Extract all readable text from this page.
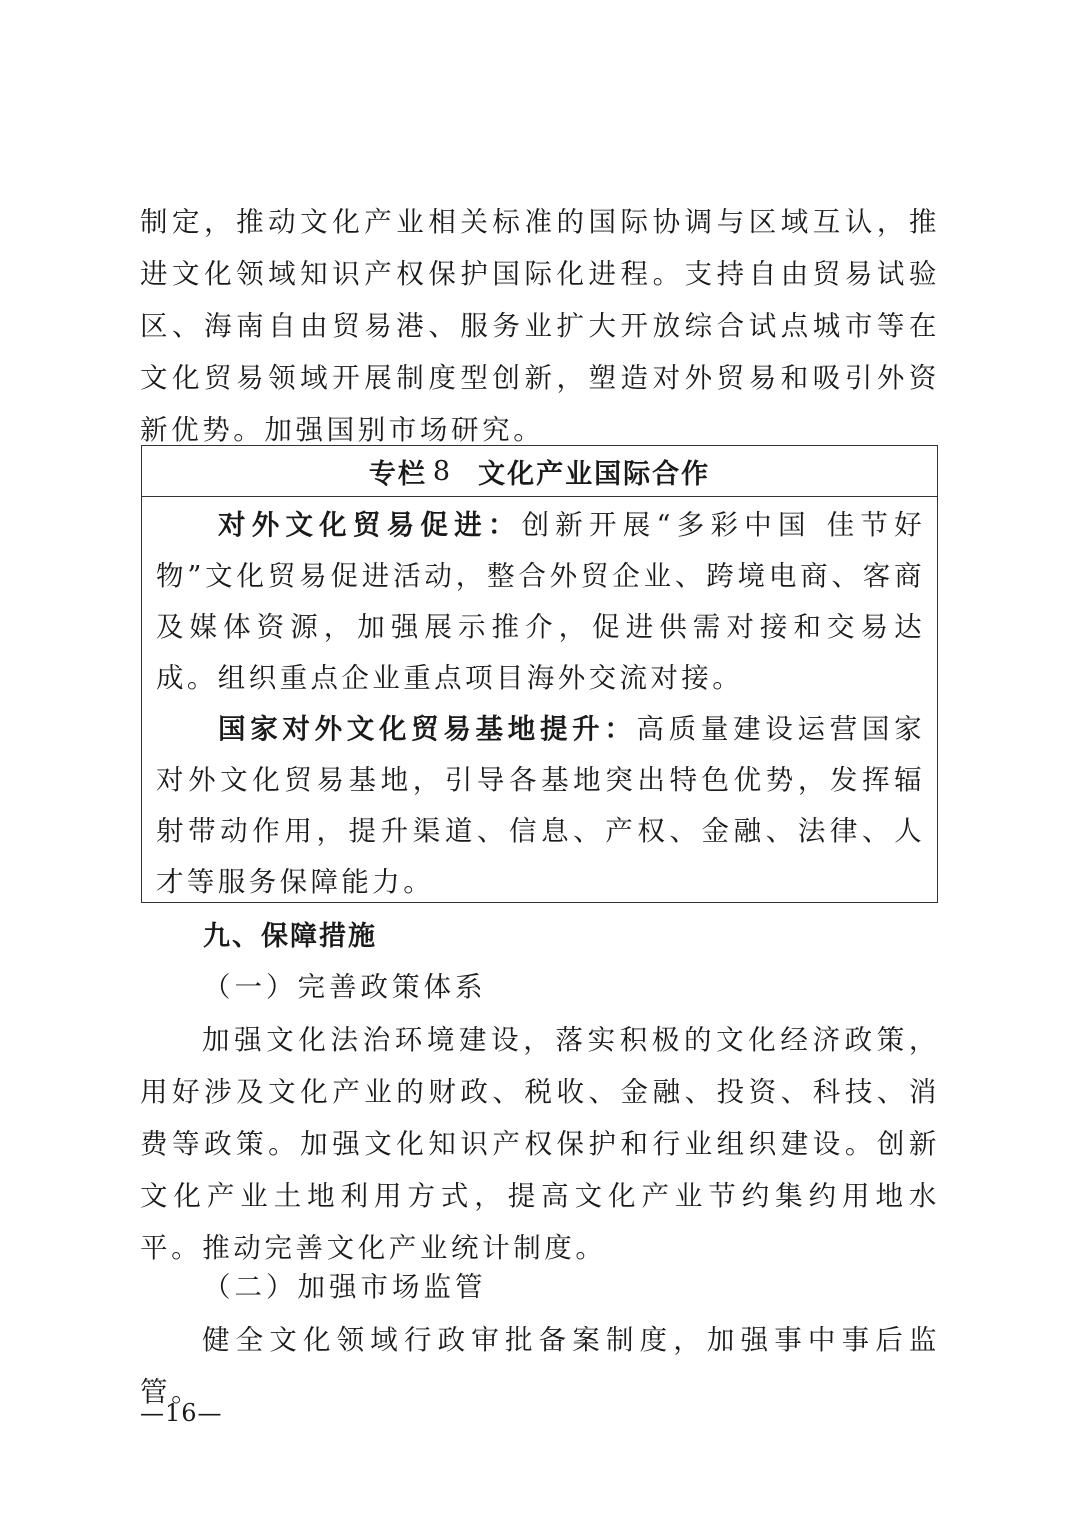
制定，推动文化产业相关标准的国际协调与区域互认，推进文化领域知识产权保护国际化进程。支持自由贸易试验区、海南自由贸易港、服务业扩大开放综合试点城市等在文化贸易领域开展制度型创新，塑造对外贸易和吸引外资新优势。加强国别市场研究。

专栏 8 文化产业国际合作

对外文化贸易促进：创新开展“多彩中国 佳节好物”文化贸易促进活动，整合外贸企业、跨境电商、客商及媒体资源，加强展示推介，促进供需对接和交易达成。组织重点企业重点项目海外交流对接。

国家对外文化贸易基地提升：高质量建设运营国家对外文化贸易基地，引导各基地突出特色优势，发挥辐射带动作用，提升渠道、信息、产权、金融、法律、人才等服务保障能力。

九、保障措施
（一）完善政策体系

加强文化法治环境建设，落实积极的文化经济政策，用好涉及文化产业的财政、税收、金融、投资、科技、消费等政策。加强文化知识产权保护和行业组织建设。创新文化产业土地利用方式，提高文化产业节约集约用地水平。推动完善文化产业统计制度。

（二）加强市场监管

健全文化领域行政审批备案制度，加强事中事后监管。

—16—
